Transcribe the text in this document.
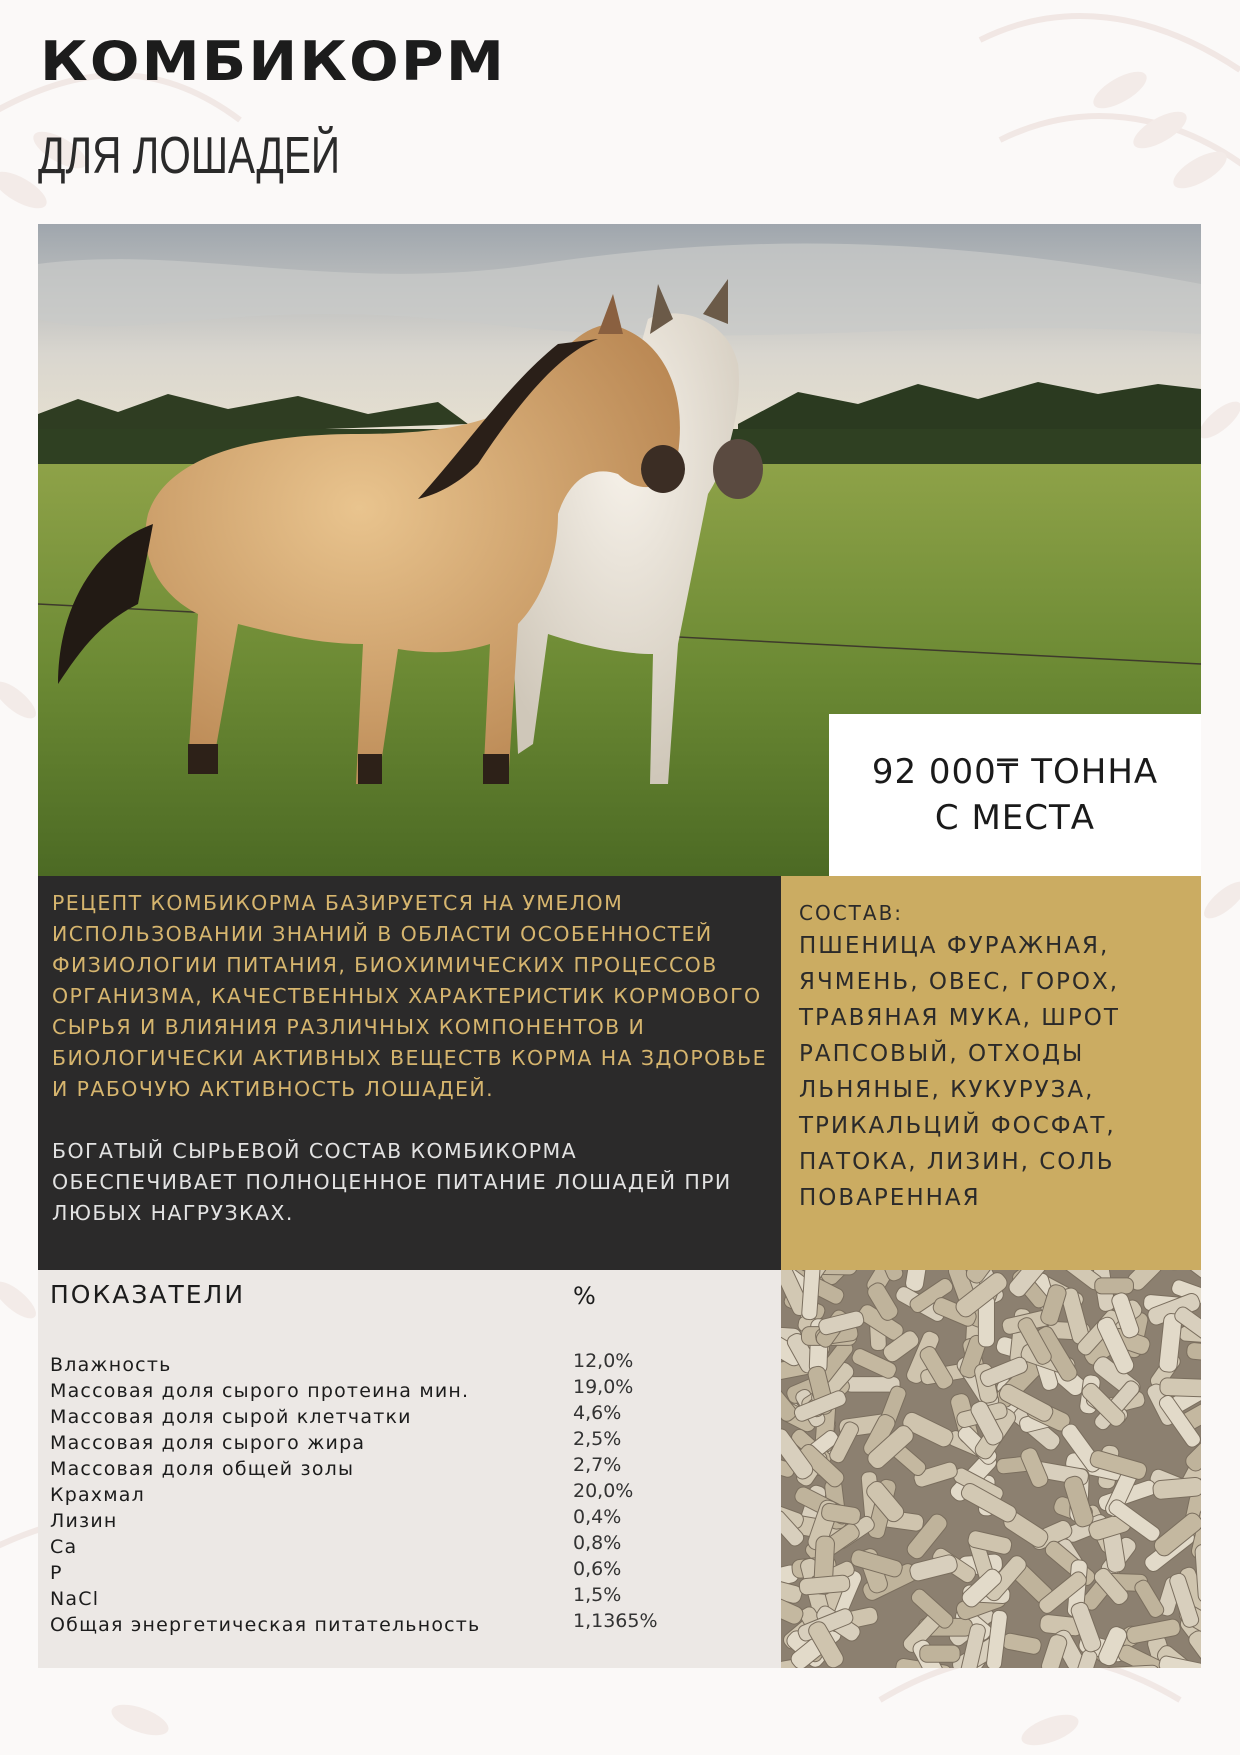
КОМБИКОРМ
ДЛЯ ЛОШАДЕЙ
92 000₸ ТОННА
С МЕСТА

РЕЦЕПТ КОМБИКОРМА БАЗИРУЕТСЯ НА УМЕЛОМ ИСПОЛЬЗОВАНИИ ЗНАНИЙ В ОБЛАСТИ ОСОБЕННОСТЕЙ ФИЗИОЛОГИИ ПИТАНИЯ, БИОХИМИЧЕСКИХ ПРОЦЕССОВ ОРГАНИЗМА, КАЧЕСТВЕННЫХ ХАРАКТЕРИСТИК КОРМОВОГО СЫРЬЯ И ВЛИЯНИЯ РАЗЛИЧНЫХ КОМПОНЕНТОВ И БИОЛОГИЧЕСКИ АКТИВНЫХ ВЕЩЕСТВ КОРМА НА ЗДОРОВЬЕ И РАБОЧУЮ АКТИВНОСТЬ ЛОШАДЕЙ.

БОГАТЫЙ СЫРЬЕВОЙ СОСТАВ КОМБИКОРМА ОБЕСПЕЧИВАЕТ ПОЛНОЦЕННОЕ ПИТАНИЕ ЛОШАДЕЙ ПРИ ЛЮБЫХ НАГРУЗКАХ.

СОСТАВ:
ПШЕНИЦА ФУРАЖНАЯ, ЯЧМЕНЬ, ОВЕС, ГОРОХ, ТРАВЯНАЯ МУКА, ШРОТ РАПСОВЫЙ, ОТХОДЫ ЛЬНЯНЫЕ, КУКУРУЗА, ТРИКАЛЬЦИЙ ФОСФАТ, ПАТОКА, ЛИЗИН, СОЛЬ ПОВАРЕННАЯ
ПОКАЗАТЕЛИ	%
Влажность	12,0%
Массовая доля сырого протеина мин.	19,0%
Массовая доля сырой клетчатки	4,6%
Массовая доля сырого жира	2,5%
Массовая доля общей золы	2,7%
Крахмал	20,0%
Лизин	0,4%
Са	0,8%
Р	0,6%
NaCl	1,5%
Общая энергетическая питательность	1,1365%
